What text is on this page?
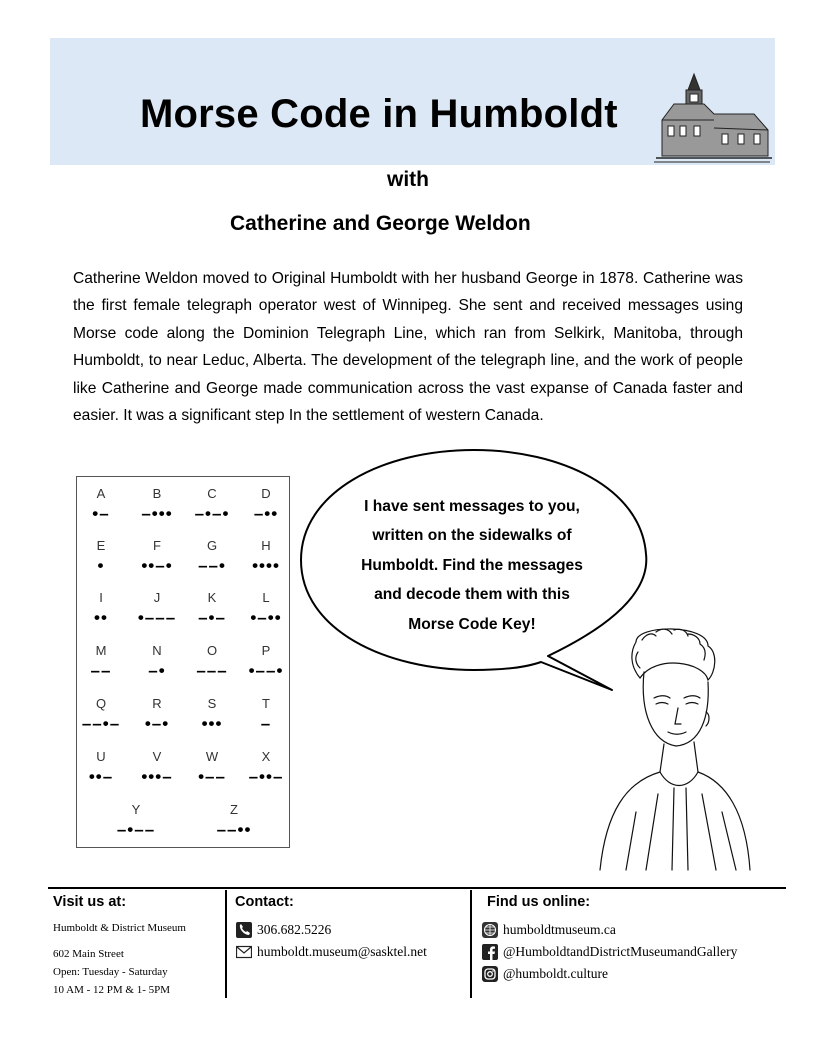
Morse Code in Humboldt
with
Catherine and George Weldon

Catherine Weldon moved to Original Humboldt with her husband George in 1878. Catherine was the first female telegraph operator west of Winnipeg. She sent and received messages using Morse code along the Dominion Telegraph Line, which ran from Selkirk, Manitoba, through Humboldt, to near Leduc, Alberta. The development of the telegraph line, and the work of people like Catherine and George made communication across the vast expanse of Canada faster and easier. It was a significant step In the settlement of western Canada.

A
•–
B
–•••
C
–•–•
D
–••
E
•
F
••–•
G
––•
H
••••
I
••
J
•–––
K
–•–
L
•–••
M
––
N
–•
O
–––
P
•––•
Q
––•–
R
•–•
S
•••
T
–
U
••–
V
•••–
W
•––
X
–••–
Y
–•––
Z
––••

I have sent messages to you, written on the sidewalks of Humboldt. Find the messages and decode them with this Morse Code Key!

Visit us at:

Humboldt & District Museum

602 Main Street

Open: Tuesday - Saturday

10 AM - 12 PM & 1- 5PM

Contact:

306.682.5226
humboldt.museum@sasktel.net

Find us online:

humboldtmuseum.ca
@HumboldtandDistrictMuseumandGallery
@humboldt.culture
